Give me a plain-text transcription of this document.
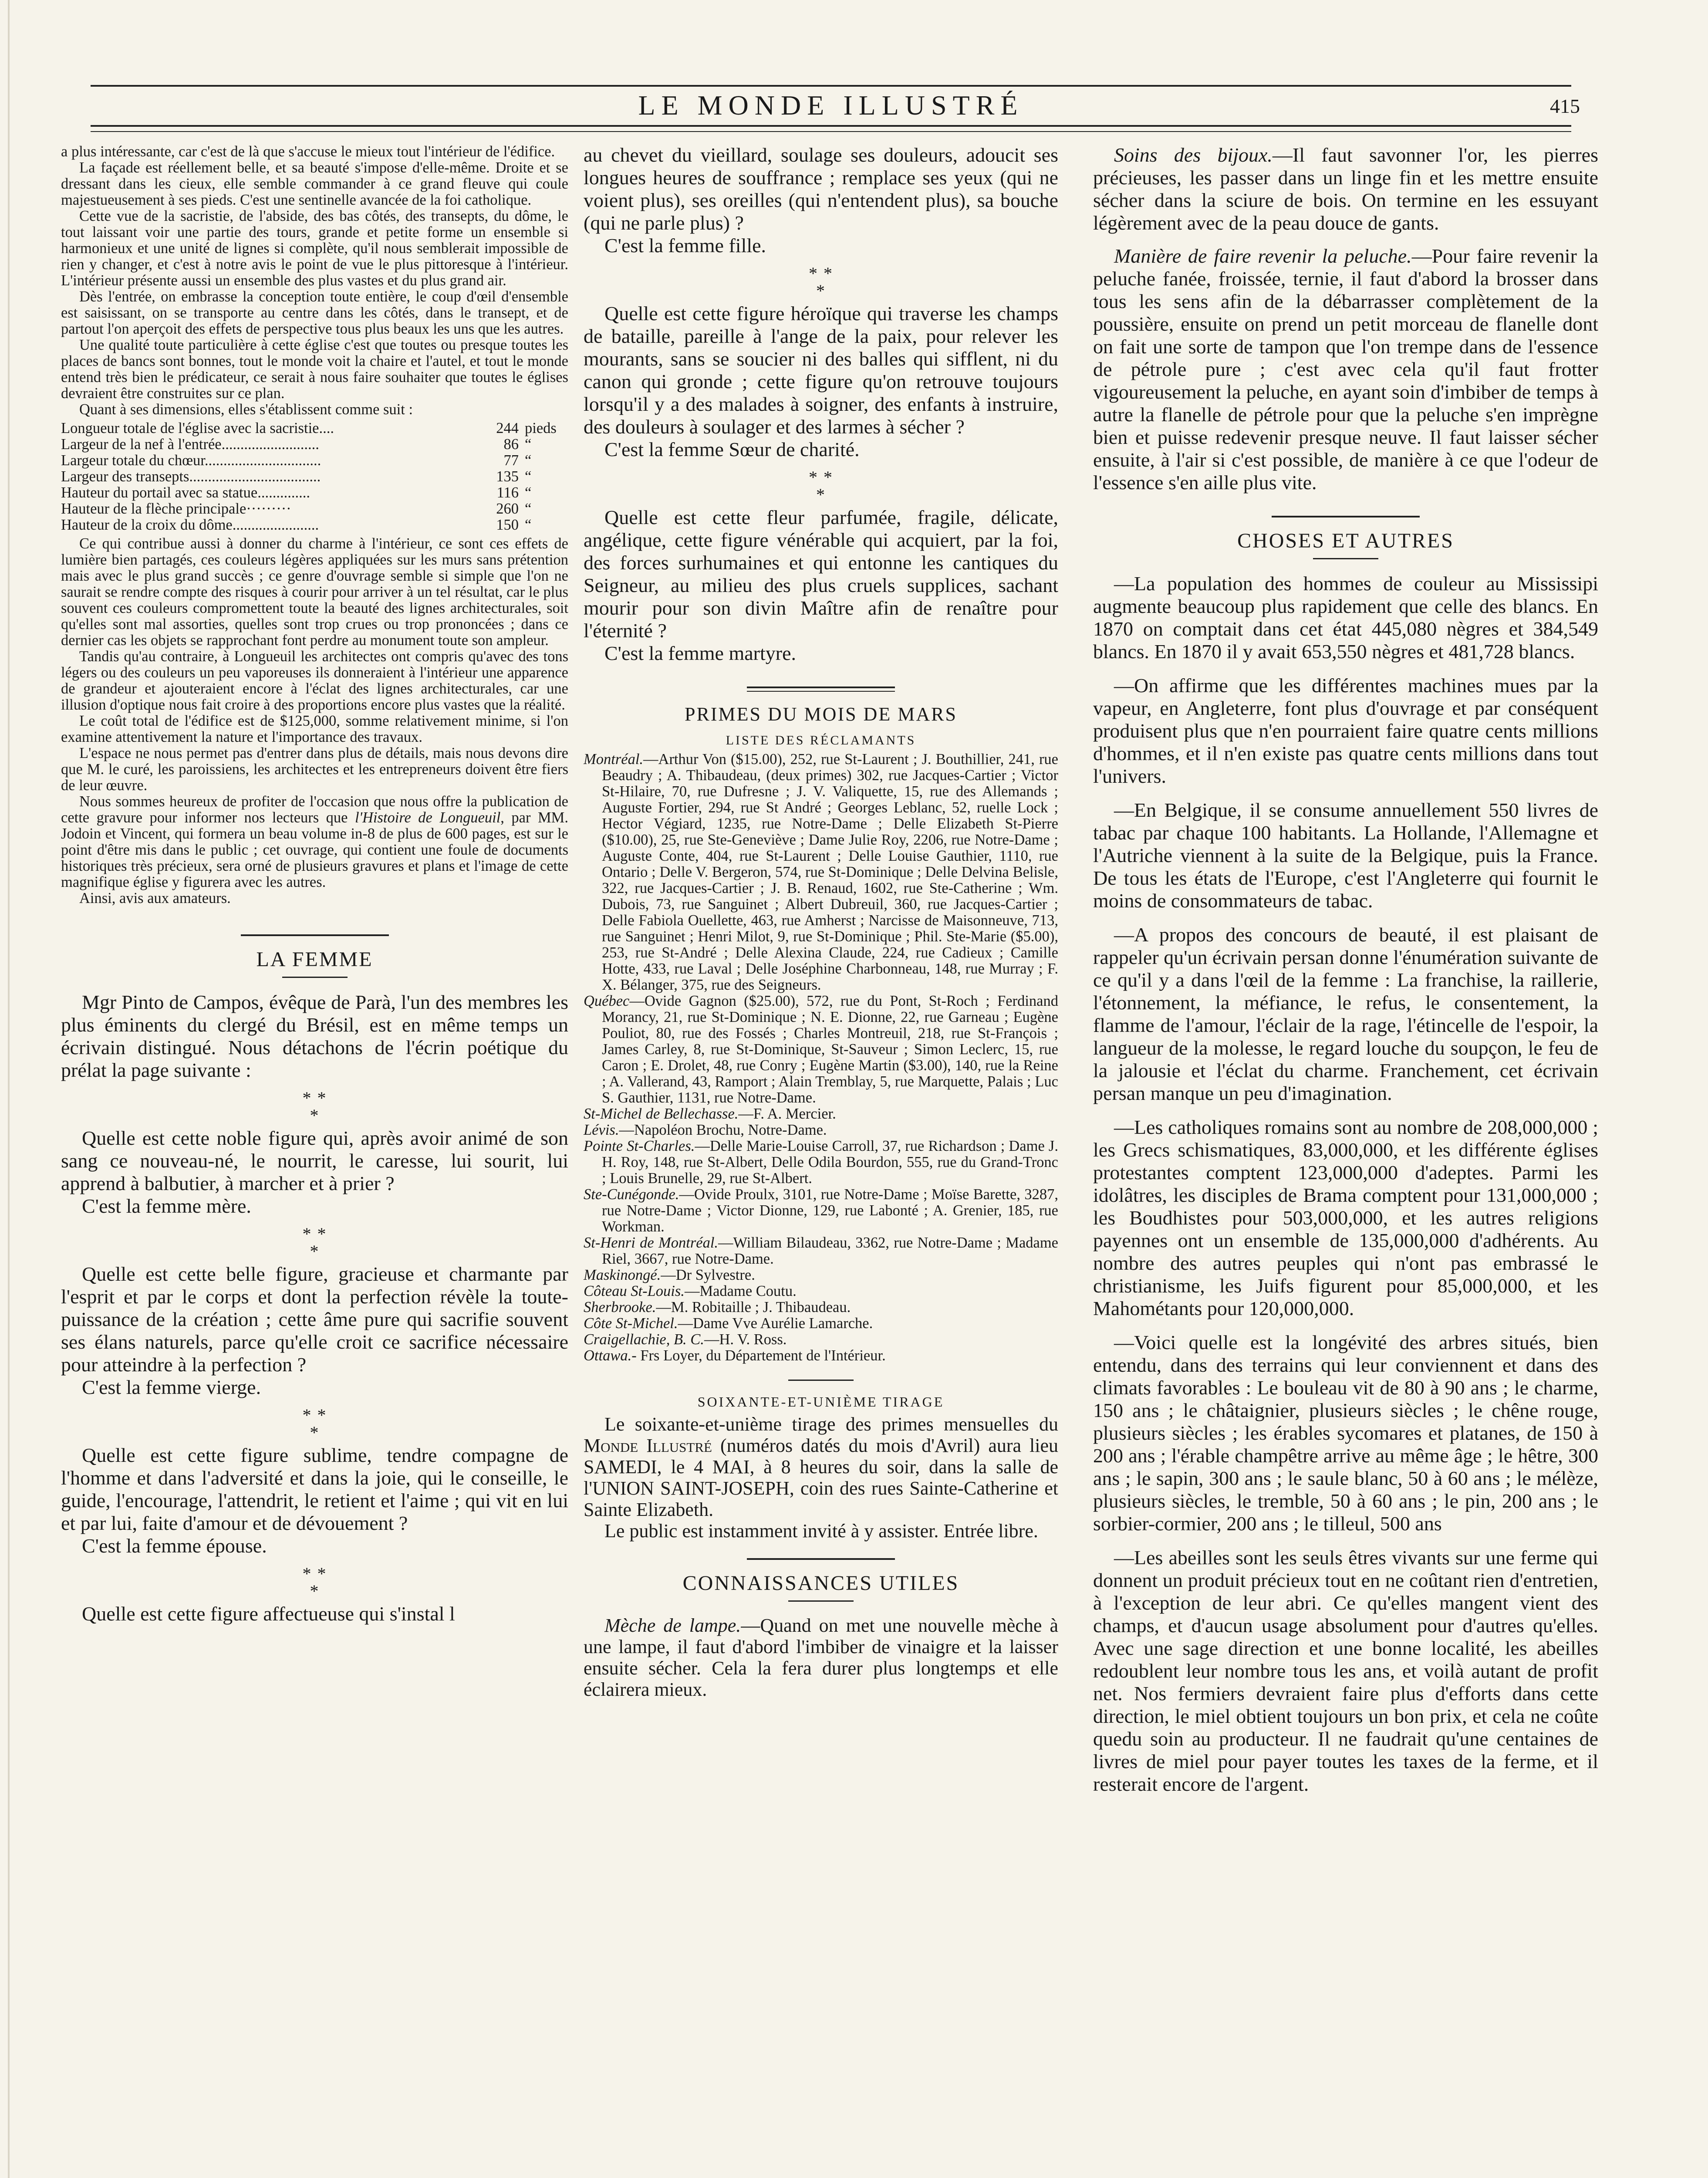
LE MONDE ILLUSTRÉ	415

a plus intéressante, car c'est de là que s'accuse le mieux tout l'intérieur de l'édifice.

La façade est réellement belle, et sa beauté s'impose d'elle-même. Droite et se dressant dans les cieux, elle semble commander à ce grand fleuve qui coule majestueusement à ses pieds. C'est une sentinelle avancée de la foi catholique.

Cette vue de la sacristie, de l'abside, des bas côtés, des transepts, du dôme, le tout laissant voir une partie des tours, grande et petite forme un ensemble si harmonieux et une unité de lignes si complète, qu'il nous semblerait impossible de rien y changer, et c'est à notre avis le point de vue le plus pittoresque à l'intérieur. L'intérieur présente aussi un ensemble des plus vastes et du plus grand air.

Dès l'entrée, on embrasse la conception toute entière, le coup d'œil d'ensemble est saisissant, on se transporte au centre dans les côtés, dans le transept, et de partout l'on aperçoit des effets de perspective tous plus beaux les uns que les autres.

Une qualité toute particulière à cette église c'est que toutes ou presque toutes les places de bancs sont bonnes, tout le monde voit la chaire et l'autel, et tout le monde entend très bien le prédicateur, ce serait à nous faire souhaiter que toutes le églises devraient être construites sur ce plan.

Quant à ses dimensions, elles s'établissent comme suit :

Longueur totale de l'église avec la sacristie....	244	pieds
Largeur de la nef à l'entrée..........................	86	“
Largeur totale du chœur...............................	77	“
Largeur des transepts...................................	135	“
Hauteur du portail avec sa statue..............	116	“
Hauteur de la flèche principale·········	260	“
Hauteur de la croix du dôme.......................	150	“

Ce qui contribue aussi à donner du charme à l'intérieur, ce sont ces effets de lumière bien partagés, ces couleurs légères appliquées sur les murs sans prétention mais avec le plus grand succès ; ce genre d'ouvrage semble si simple que l'on ne saurait se rendre compte des risques à courir pour arriver à un tel résultat, car le plus souvent ces couleurs compromettent toute la beauté des lignes architecturales, soit qu'elles sont mal assorties, quelles sont trop crues ou trop prononcées ; dans ce dernier cas les objets se rapprochant font perdre au monument toute son ampleur.

Tandis qu'au contraire, à Longueuil les architectes ont compris qu'avec des tons légers ou des couleurs un peu vaporeuses ils donneraient à l'intérieur une apparence de grandeur et ajouteraient encore à l'éclat des lignes architecturales, car une illusion d'optique nous fait croire à des proportions encore plus vastes que la réalité.

Le coût total de l'édifice est de $125,000, somme relativement minime, si l'on examine attentivement la nature et l'importance des travaux.

L'espace ne nous permet pas d'entrer dans plus de détails, mais nous devons dire que M. le curé, les paroissiens, les architectes et les entrepreneurs doivent être fiers de leur œuvre.

Nous sommes heureux de profiter de l'occasion que nous offre la publication de cette gravure pour informer nos lecteurs que l'Histoire de Longueuil, par MM. Jodoin et Vincent, qui formera un beau volume in-8 de plus de 600 pages, est sur le point d'être mis dans le public ; cet ouvrage, qui contient une foule de documents historiques très précieux, sera orné de plusieurs gravures et plans et l'image de cette magnifique église y figurera avec les autres.

Ainsi, avis aux amateurs.

LA FEMME

Mgr Pinto de Campos, évêque de Parà, l'un des membres les plus éminents du clergé du Brésil, est en même temps un écrivain distingué. Nous détachons de l'écrin poétique du prélat la page suivante :

* *
*

Quelle est cette noble figure qui, après avoir animé de son sang ce nouveau-né, le nourrit, le caresse, lui sourit, lui apprend à balbutier, à marcher et à prier ?

C'est la femme mère.

* *
*

Quelle est cette belle figure, gracieuse et charmante par l'esprit et par le corps et dont la perfection révèle la toute-puissance de la création ; cette âme pure qui sacrifie souvent ses élans naturels, parce qu'elle croit ce sacrifice nécessaire pour atteindre à la perfection ?

C'est la femme vierge.

* *
*

Quelle est cette figure sublime, tendre compagne de l'homme et dans l'adversité et dans la joie, qui le conseille, le guide, l'encourage, l'attendrit, le retient et l'aime ; qui vit en lui et par lui, faite d'amour et de dévouement ?

C'est la femme épouse.

* *
*

Quelle est cette figure affectueuse qui s'instal l

au chevet du vieillard, soulage ses douleurs, adoucit ses longues heures de souffrance ; remplace ses yeux (qui ne voient plus), ses oreilles (qui n'entendent plus), sa bouche (qui ne parle plus) ?

C'est la femme fille.

* *
*

Quelle est cette figure héroïque qui traverse les champs de bataille, pareille à l'ange de la paix, pour relever les mourants, sans se soucier ni des balles qui sifflent, ni du canon qui gronde ; cette figure qu'on retrouve toujours lorsqu'il y a des malades à soigner, des enfants à instruire, des douleurs à soulager et des larmes à sécher ?

C'est la femme Sœur de charité.

* *
*

Quelle est cette fleur parfumée, fragile, délicate, angélique, cette figure vénérable qui acquiert, par la foi, des forces surhumaines et qui entonne les cantiques du Seigneur, au milieu des plus cruels supplices, sachant mourir pour son divin Maître afin de renaître pour l'éternité ?

C'est la femme martyre.

PRIMES DU MOIS DE MARS
LISTE DES RÉCLAMANTS

Montréal.—Arthur Von ($15.00), 252, rue St-Laurent ; J. Bouthillier, 241, rue Beaudry ; A. Thibaudeau, (deux primes) 302, rue Jacques-Cartier ; Victor St-Hilaire, 70, rue Dufresne ; J. V. Valiquette, 15, rue des Allemands ; Auguste Fortier, 294, rue St André ; Georges Leblanc, 52, ruelle Lock ; Hector Végiard, 1235, rue Notre-Dame ; Delle Elizabeth St-Pierre ($10.00), 25, rue Ste-Geneviève ; Dame Julie Roy, 2206, rue Notre-Dame ; Auguste Conte, 404, rue St-Laurent ; Delle Louise Gauthier, 1110, rue Ontario ; Delle V. Bergeron, 574, rue St-Dominique ; Delle Delvina Belisle, 322, rue Jacques-Cartier ; J. B. Renaud, 1602, rue Ste-Catherine ; Wm. Dubois, 73, rue Sanguinet ; Albert Dubreuil, 360, rue Jacques-Cartier ; Delle Fabiola Ouellette, 463, rue Amherst ; Narcisse de Maisonneuve, 713, rue Sanguinet ; Henri Milot, 9, rue St-Dominique ; Phil. Ste-Marie ($5.00), 253, rue St-André ; Delle Alexina Claude, 224, rue Cadieux ; Camille Hotte, 433, rue Laval ; Delle Joséphine Charbonneau, 148, rue Murray ; F. X. Bélanger, 375, rue des Seigneurs.

Québec—Ovide Gagnon ($25.00), 572, rue du Pont, St-Roch ; Ferdinand Morancy, 21, rue St-Dominique ; N. E. Dionne, 22, rue Garneau ; Eugène Pouliot, 80, rue des Fossés ; Charles Montreuil, 218, rue St-François ; James Carley, 8, rue St-Dominique, St-Sauveur ; Simon Leclerc, 15, rue Caron ; E. Drolet, 48, rue Conry ; Eugène Martin ($3.00), 140, rue la Reine ; A. Vallerand, 43, Ramport ; Alain Tremblay, 5, rue Marquette, Palais ; Luc S. Gauthier, 1131, rue Notre-Dame.

St-Michel de Bellechasse.—F. A. Mercier.

Lévis.—Napoléon Brochu, Notre-Dame.

Pointe St-Charles.—Delle Marie-Louise Carroll, 37, rue Richardson ; Dame J. H. Roy, 148, rue St-Albert, Delle Odila Bourdon, 555, rue du Grand-Tronc ; Louis Brunelle, 29, rue St-Albert.

Ste-Cunégonde.—Ovide Proulx, 3101, rue Notre-Dame ; Moïse Barette, 3287, rue Notre-Dame ; Victor Dionne, 129, rue Labonté ; A. Grenier, 185, rue Workman.

St-Henri de Montréal.—William Bilaudeau, 3362, rue Notre-Dame ; Madame Riel, 3667, rue Notre-Dame.

Maskinongé.—Dr Sylvestre.

Côteau St-Louis.—Madame Coutu.

Sherbrooke.—M. Robitaille ; J. Thibaudeau.

Côte St-Michel.—Dame Vve Aurélie Lamarche.

Craigellachie, B. C.—H. V. Ross.

Ottawa.- Frs Loyer, du Département de l'Intérieur.

SOIXANTE-ET-UNIÈME TIRAGE

Le soixante-et-unième tirage des primes mensuelles du Monde Illustré (numéros datés du mois d'Avril) aura lieu SAMEDI, le 4 MAI, à 8 heures du soir, dans la salle de l'UNION SAINT-JOSEPH, coin des rues Sainte-Catherine et Sainte Elizabeth.

Le public est instamment invité à y assister. Entrée libre.

CONNAISSANCES UTILES

Mèche de lampe.—Quand on met une nouvelle mèche à une lampe, il faut d'abord l'imbiber de vinaigre et la laisser ensuite sécher. Cela la fera durer plus longtemps et elle éclairera mieux.

Soins des bijoux.—Il faut savonner l'or, les pierres précieuses, les passer dans un linge fin et les mettre ensuite sécher dans la sciure de bois. On termine en les essuyant légèrement avec de la peau douce de gants.

Manière de faire revenir la peluche.—Pour faire revenir la peluche fanée, froissée, ternie, il faut d'abord la brosser dans tous les sens afin de la débarrasser complètement de la poussière, ensuite on prend un petit morceau de flanelle dont on fait une sorte de tampon que l'on trempe dans de l'essence de pétrole pure ; c'est avec cela qu'il faut frotter vigoureusement la peluche, en ayant soin d'imbiber de temps à autre la flanelle de pétrole pour que la peluche s'en imprègne bien et puisse redevenir presque neuve. Il faut laisser sécher ensuite, à l'air si c'est possible, de manière à ce que l'odeur de l'essence s'en aille plus vite.

CHOSES ET AUTRES

—La population des hommes de couleur au Mississipi augmente beaucoup plus rapidement que celle des blancs. En 1870 on comptait dans cet état 445,080 nègres et 384,549 blancs. En 1870 il y avait 653,550 nègres et 481,728 blancs.

—On affirme que les différentes machines mues par la vapeur, en Angleterre, font plus d'ouvrage et par conséquent produisent plus que n'en pourraient faire quatre cents millions d'hommes, et il n'en existe pas quatre cents millions dans tout l'univers.

—En Belgique, il se consume annuellement 550 livres de tabac par chaque 100 habitants. La Hollande, l'Allemagne et l'Autriche viennent à la suite de la Belgique, puis la France. De tous les états de l'Europe, c'est l'Angleterre qui fournit le moins de consommateurs de tabac.

—A propos des concours de beauté, il est plaisant de rappeler qu'un écrivain persan donne l'énumération suivante de ce qu'il y a dans l'œil de la femme : La franchise, la raillerie, l'étonnement, la méfiance, le refus, le consentement, la flamme de l'amour, l'éclair de la rage, l'étincelle de l'espoir, la langueur de la molesse, le regard louche du soupçon, le feu de la jalousie et l'éclat du charme. Franchement, cet écrivain persan manque un peu d'imagination.

—Les catholiques romains sont au nombre de 208,000,000 ; les Grecs schismatiques, 83,000,000, et les différente églises protestantes comptent 123,000,000 d'adeptes. Parmi les idolâtres, les disciples de Brama comptent pour 131,000,000 ; les Boudhistes pour 503,000,000, et les autres religions payennes ont un ensemble de 135,000,000 d'adhérents. Au nombre des autres peuples qui n'ont pas embrassé le christianisme, les Juifs figurent pour 85,000,000, et les Mahométants pour 120,000,000.

—Voici quelle est la longévité des arbres situés, bien entendu, dans des terrains qui leur conviennent et dans des climats favorables : Le bouleau vit de 80 à 90 ans ; le charme, 150 ans ; le châtaignier, plusieurs siècles ; le chêne rouge, plusieurs siècles ; les érables sycomares et platanes, de 150 à 200 ans ; l'érable champêtre arrive au même âge ; le hêtre, 300 ans ; le sapin, 300 ans ; le saule blanc, 50 à 60 ans ; le mélèze, plusieurs siècles, le tremble, 50 à 60 ans ; le pin, 200 ans ; le sorbier-cormier, 200 ans ; le tilleul, 500 ans

—Les abeilles sont les seuls êtres vivants sur une ferme qui donnent un produit précieux tout en ne coûtant rien d'entretien, à l'exception de leur abri. Ce qu'elles mangent vient des champs, et d'aucun usage absolument pour d'autres qu'elles. Avec une sage direction et une bonne localité, les abeilles redoublent leur nombre tous les ans, et voilà autant de profit net. Nos fermiers devraient faire plus d'efforts dans cette direction, le miel obtient toujours un bon prix, et cela ne coûte quedu soin au producteur. Il ne faudrait qu'une centaines de livres de miel pour payer toutes les taxes de la ferme, et il resterait encore de l'argent.
